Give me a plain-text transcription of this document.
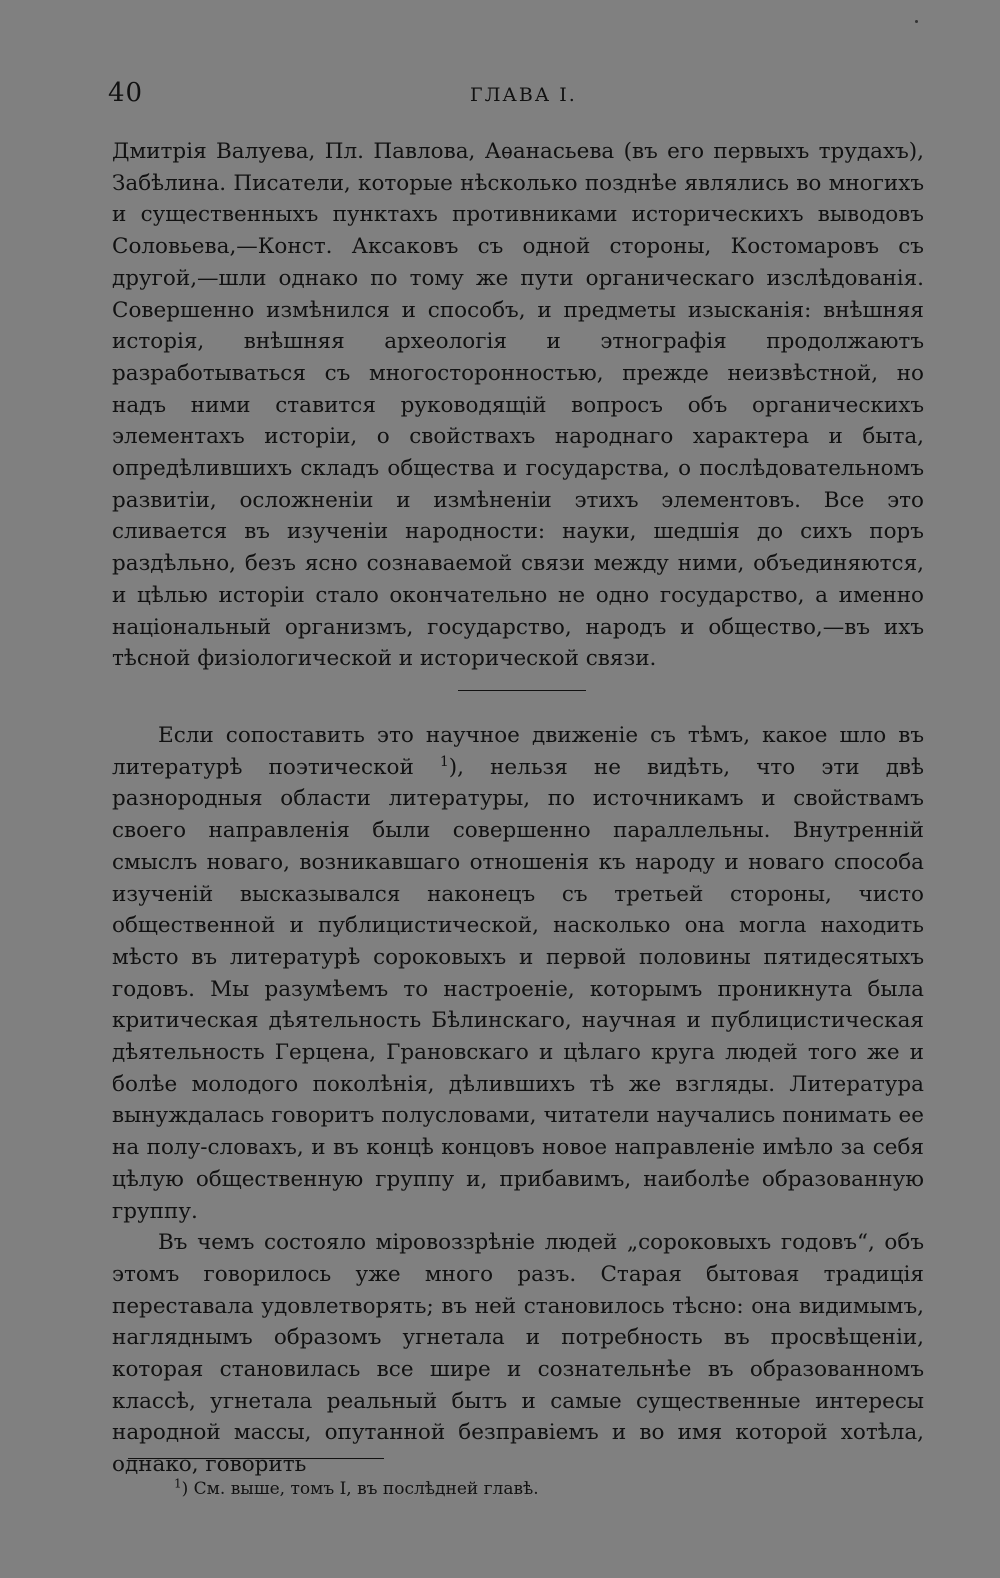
40	ГЛАВА I.

Дмитрія Валуева, Пл. Павлова, Аѳанасьева (въ его первыхъ трудахъ), Забѣлина. Писатели, которые нѣсколько позднѣе являлись во многихъ и существенныхъ пунктахъ противниками историческихъ выводовъ Соловьева,—Конст. Аксаковъ съ одной стороны, Костомаровъ съ другой,—шли однако по тому же пути органическаго изслѣдованія. Совершенно измѣнился и способъ, и предметы изысканія: внѣшняя исторія, внѣшняя археологія и этнографія продолжаютъ разработываться съ многосторонностью, прежде неизвѣстной, но надъ ними ставится руководящій вопросъ объ органическихъ элементахъ исторіи, о свойствахъ народнаго характера и быта, опредѣлившихъ складъ общества и государства, о послѣдовательномъ развитіи, осложненіи и измѣненіи этихъ элементовъ. Все это сливается въ изученіи народности: науки, шедшія до сихъ поръ раздѣльно, безъ ясно сознаваемой связи между ними, объединяются, и цѣлью исторіи стало окончательно не одно государство, а именно національный организмъ, государство, народъ и общество,—въ ихъ тѣсной физіологической и исторической связи.

Если сопоставить это научное движеніе съ тѣмъ, какое шло въ литературѣ поэтической $^1$), нельзя не видѣть, что эти двѣ разнородныя области литературы, по источникамъ и свойствамъ своего направленія были совершенно параллельны. Внутренній смыслъ новаго, возникавшаго отношенія къ народу и новаго способа изученій высказывался наконецъ съ третьей стороны, чисто общественной и публицистической, насколько она могла находить мѣсто въ литературѣ сороковыхъ и первой половины пятидесятыхъ годовъ. Мы разумѣемъ то настроеніе, которымъ проникнута была критическая дѣятельность Бѣлинскаго, научная и публицистическая дѣятельность Герцена, Грановскаго и цѣлаго круга людей того же и болѣе молодого поколѣнія, дѣлившихъ тѣ же взгляды. Литература вынуждалась говоритъ полусловами, читатели научались понимать ее на полу-словахъ, и въ концѣ концовъ новое направленіе имѣло за себя цѣлую общественную группу и, прибавимъ, наиболѣе образованную группу.

Въ чемъ состояло міровоззрѣніе людей „сороковыхъ годовъ“, объ этомъ говорилось уже много разъ. Старая бытовая традиція переставала удовлетворять; въ ней становилось тѣсно: она видимымъ, нагляднымъ образомъ угнетала и потребность въ просвѣщеніи, которая становилась все шире и сознательнѣе въ образованномъ классѣ, угнетала реальный бытъ и самые существенные интересы народной массы, опутанной безправіемъ и во имя которой хотѣла, однако, говорить

$^1$) См. выше, томъ I, въ послѣдней главѣ.
